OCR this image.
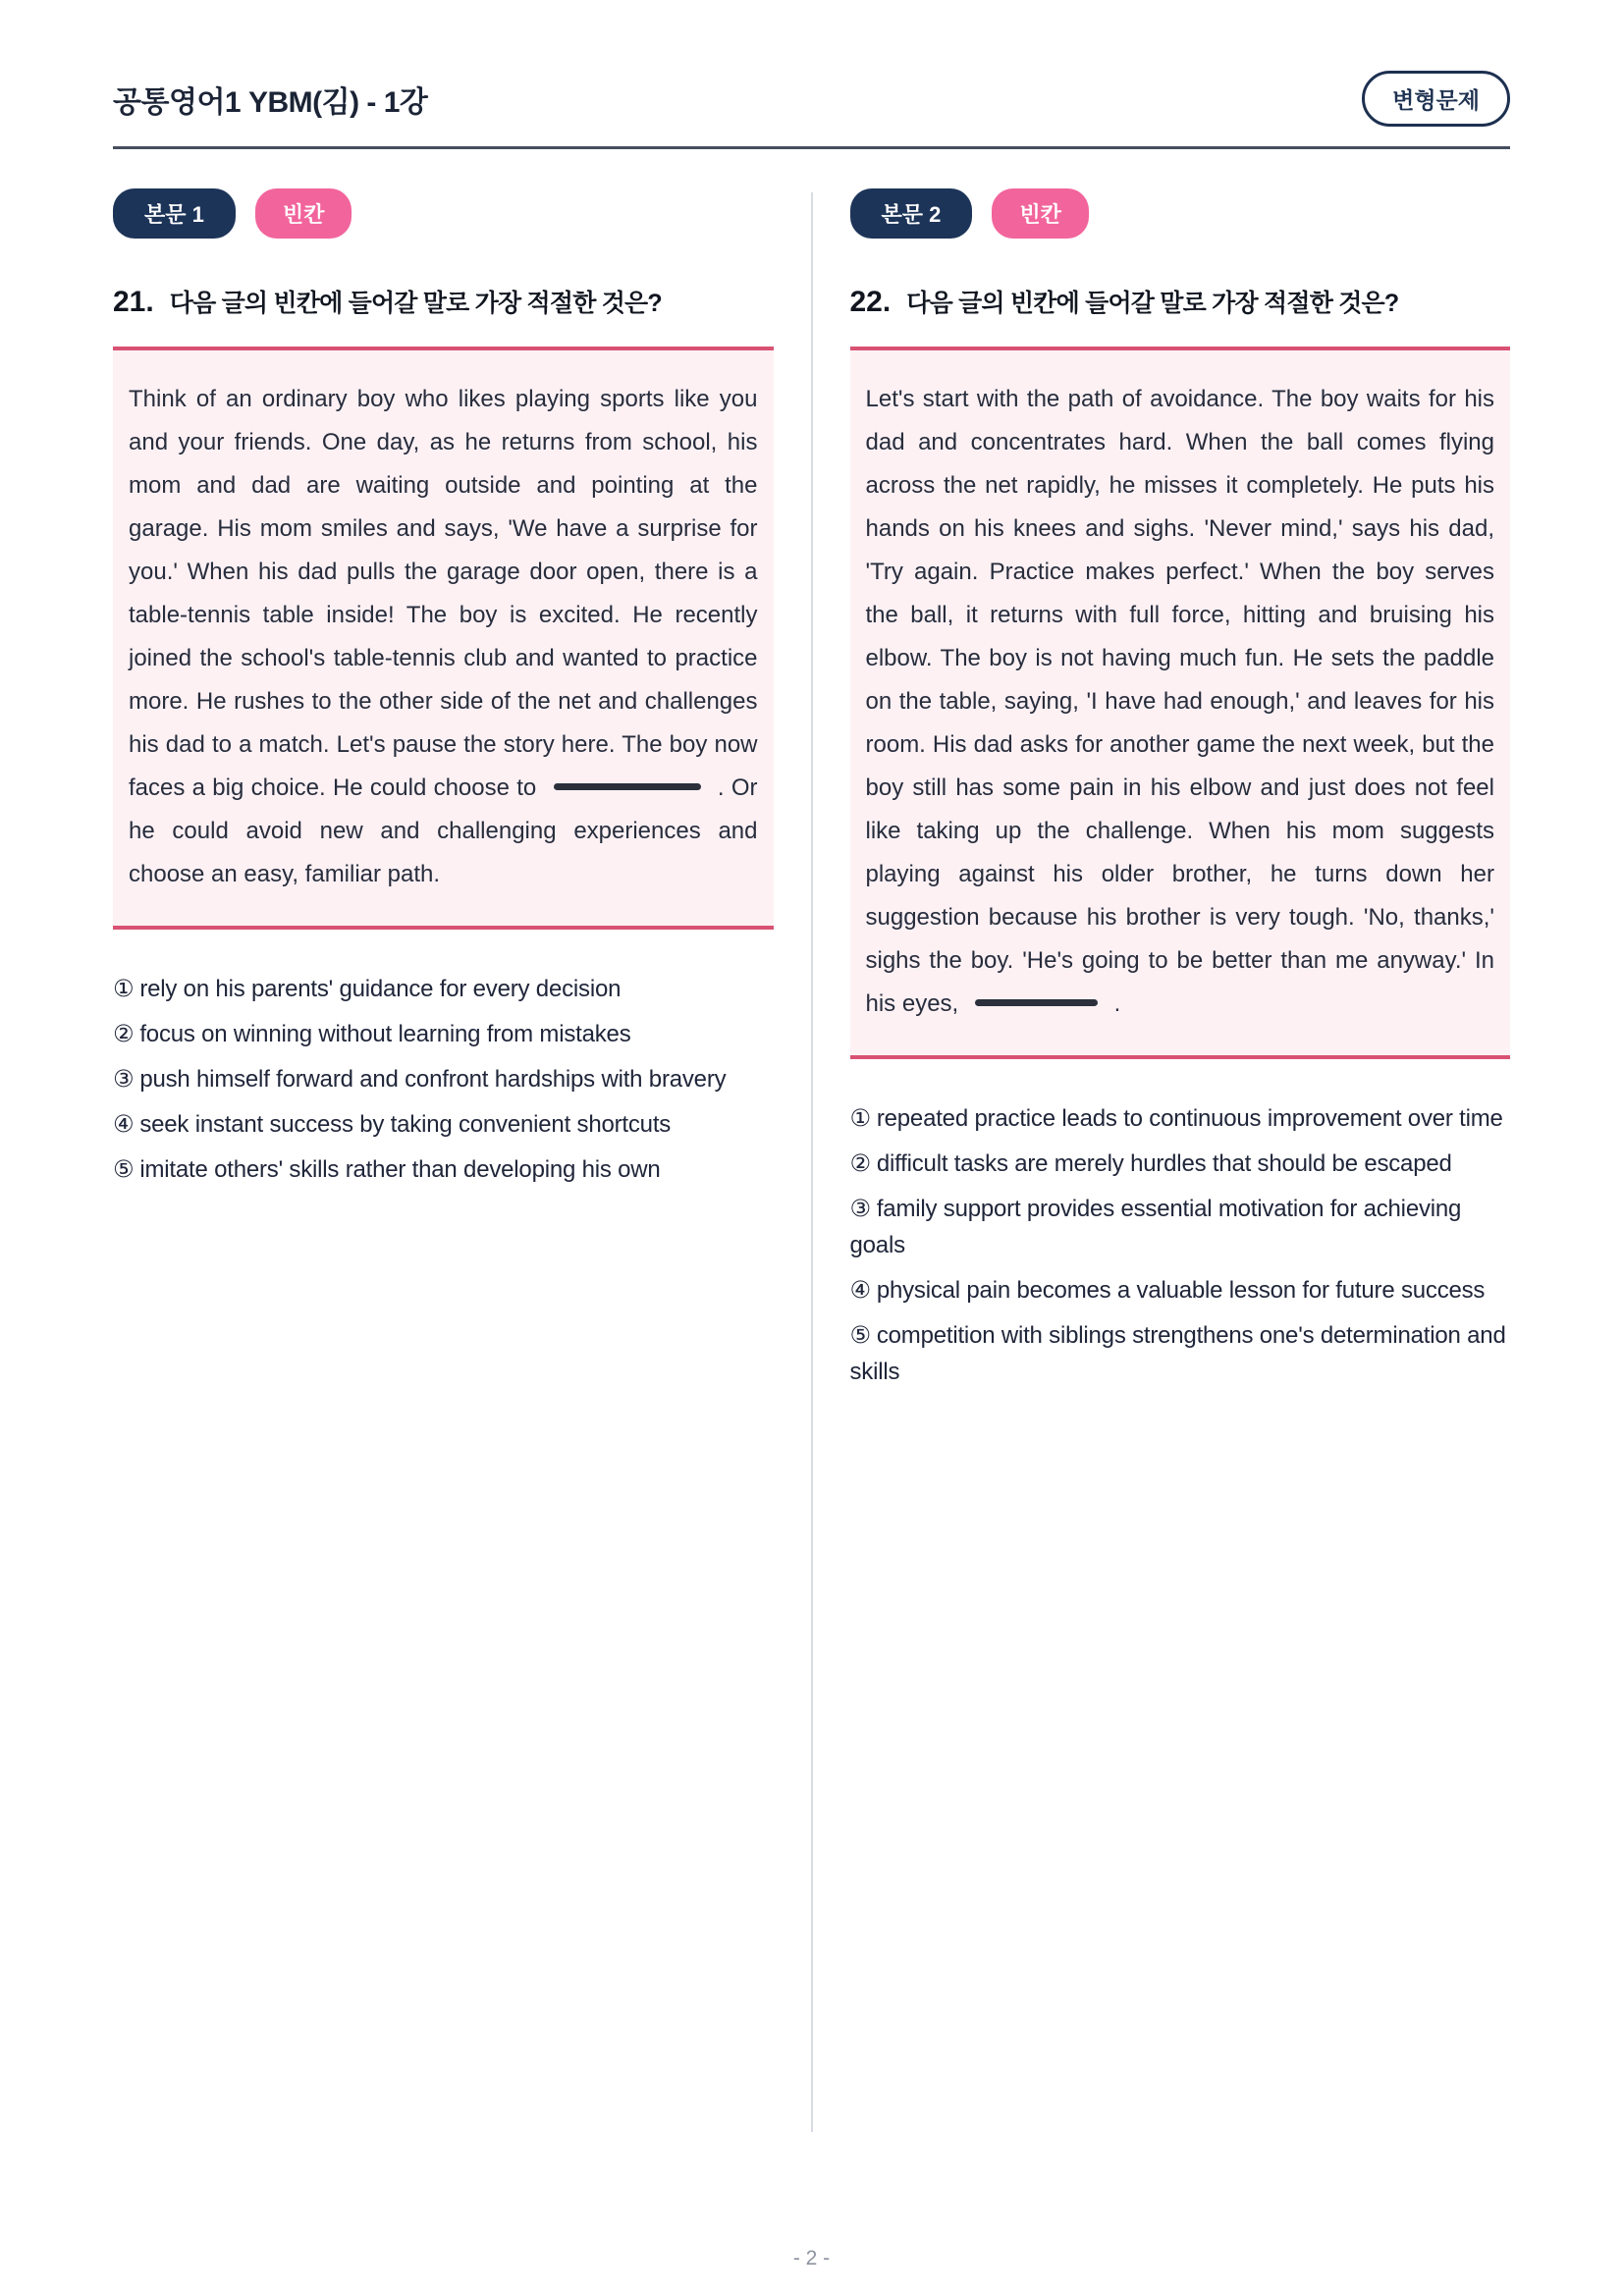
공통영어1 YBM(김) - 1강	변형문제
본문 1	빈칸
21. 다음 글의 빈칸에 들어갈 말로 가장 적절한 것은?
Think of an ordinary boy who likes playing sports like you and your friends. One day, as he returns from school, his mom and dad are waiting outside and pointing at the garage. His mom smiles and says, 'We have a surprise for you.' When his dad pulls the garage door open, there is a table-tennis table inside! The boy is excited. He recently joined the school's table-tennis club and wanted to practice more. He rushes to the other side of the net and challenges his dad to a match. Let's pause the story here. The boy now faces a big choice. He could choose to	. Or he could avoid new and challenging experiences and choose an easy, familiar path.
① rely on his parents' guidance for every decision
② focus on winning without learning from mistakes
③ push himself forward and confront hardships with bravery
④ seek instant success by taking convenient shortcuts
⑤ imitate others' skills rather than developing his own
본문 2	빈칸
22. 다음 글의 빈칸에 들어갈 말로 가장 적절한 것은?
Let's start with the path of avoidance. The boy waits for his dad and concentrates hard. When the ball comes flying across the net rapidly, he misses it completely. He puts his hands on his knees and sighs. 'Never mind,' says his dad, 'Try again. Practice makes perfect.' When the boy serves the ball, it returns with full force, hitting and bruising his elbow. The boy is not having much fun. He sets the paddle on the table, saying, 'I have had enough,' and leaves for his room. His dad asks for another game the next week, but the boy still has some pain in his elbow and just does not feel like taking up the challenge. When his mom suggests playing against his older brother, he turns down her suggestion because his brother is very tough. 'No, thanks,' sighs the boy. 'He's going to be better than me anyway.' In his eyes,	.
① repeated practice leads to continuous improvement over time
② difficult tasks are merely hurdles that should be escaped
③ family support provides essential motivation for achieving goals
④ physical pain becomes a valuable lesson for future success
⑤ competition with siblings strengthens one's determination and skills
- 2 -
